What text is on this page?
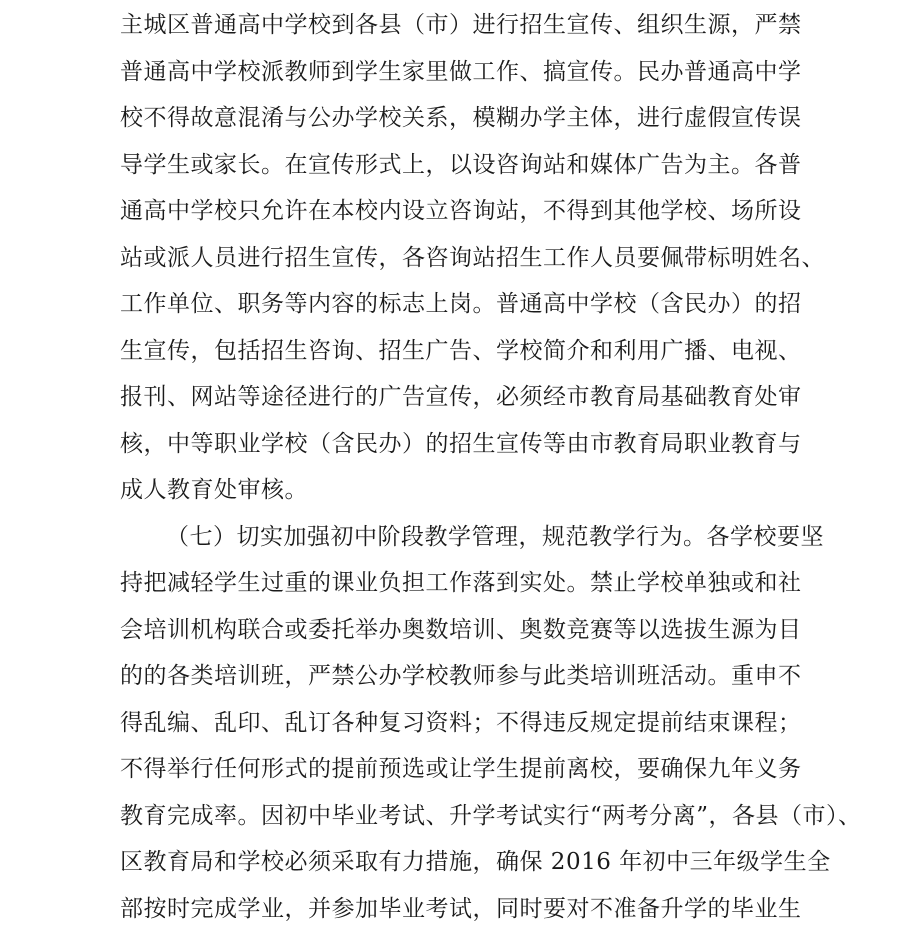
主城区普通高中学校到各县（市）进行招生宣传、组织生源，严禁
普通高中学校派教师到学生家里做工作、搞宣传。民办普通高中学
校不得故意混淆与公办学校关系，模糊办学主体，进行虚假宣传误
导学生或家长。在宣传形式上，以设咨询站和媒体广告为主。各普
通高中学校只允许在本校内设立咨询站，不得到其他学校、场所设
站或派人员进行招生宣传，各咨询站招生工作人员要佩带标明姓名、
工作单位、职务等内容的标志上岗。普通高中学校（含民办）的招
生宣传，包括招生咨询、招生广告、学校简介和利用广播、电视、
报刊、网站等途径进行的广告宣传，必须经市教育局基础教育处审
核，中等职业学校（含民办）的招生宣传等由市教育局职业教育与
成人教育处审核。
（七）切实加强初中阶段教学管理，规范教学行为。各学校要坚
持把减轻学生过重的课业负担工作落到实处。禁止学校单独或和社
会培训机构联合或委托举办奥数培训、奥数竞赛等以选拔生源为目
的的各类培训班，严禁公办学校教师参与此类培训班活动。重申不
得乱编、乱印、乱订各种复习资料；不得违反规定提前结束课程；
不得举行任何形式的提前预选或让学生提前离校，要确保九年义务
教育完成率。因初中毕业考试、升学考试实行“两考分离”，各县（市）、
区教育局和学校必须采取有力措施，确保 2016 年初中三年级学生全
部按时完成学业，并参加毕业考试，同时要对不准备升学的毕业生
